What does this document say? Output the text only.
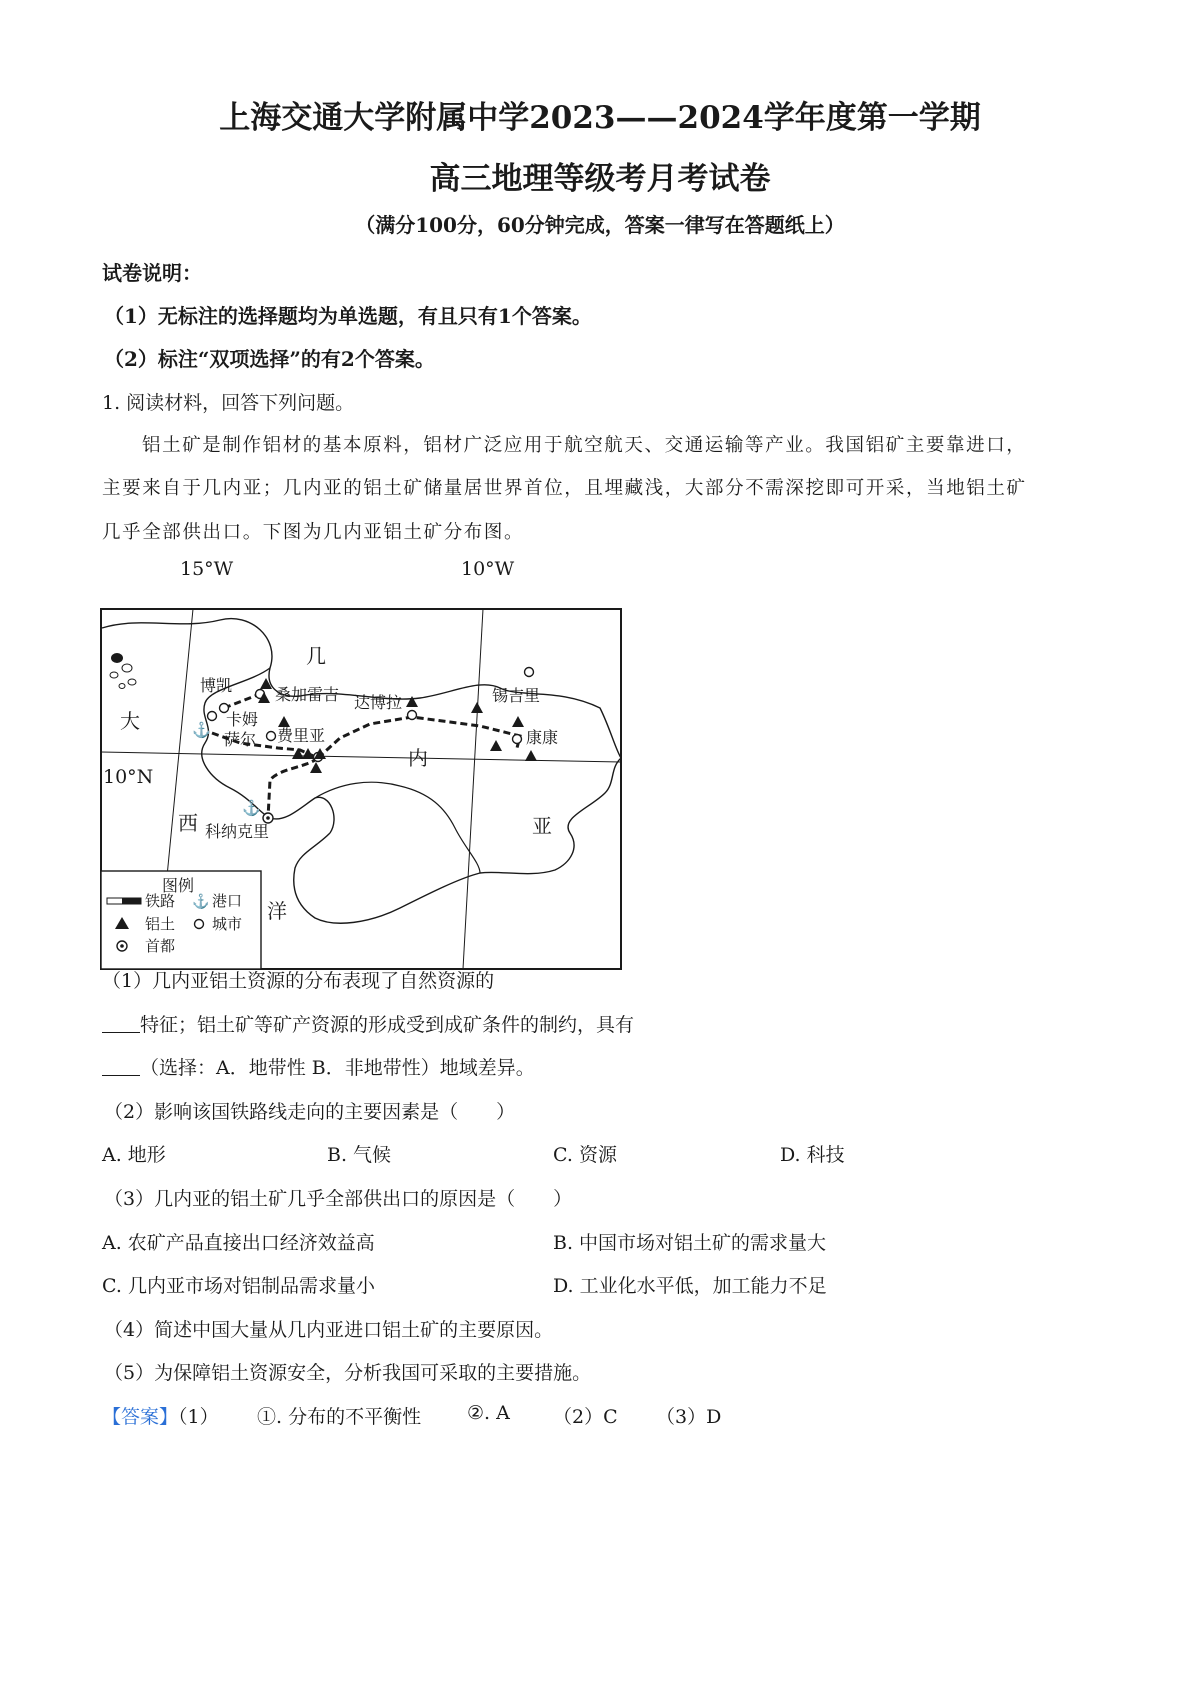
上海交通大学附属中学2023——2024学年度第一学期
高三地理等级考月考试卷
（满分100分，60分钟完成，答案一律写在答题纸上）
试卷说明：
（1）无标注的选择题均为单选题，有且只有1个答案。
（2）标注“双项选择”的有2个答案。
1. 阅读材料，回答下列问题。
铝土矿是制作铝材的基本原料，铝材广泛应用于航空航天、交通运输等产业。我国铝矿主要靠进口，
主要来自于几内亚；几内亚的铝土矿储量居世界首位，且埋藏浅，大部分不需深挖即可开采，当地铝土矿
几乎全部供出口。下图为几内亚铝土矿分布图。
15°W	10°W
⚓
⚓
几
内
亚
大
西
洋
博凯	桑加雷吉
卡姆
萨尔 费里亚
达博拉	锡吉里
康康
科纳克里
图例
铁路 ⚓ 港口
铝土 城市
首都
10°N
（1）几内亚铝土资源的分布表现了自然资源的
特征；铝土矿等矿产资源的形成受到成矿条件的制约，具有
（选择：A．地带性 B．非地带性）地域差异。
（2）影响该国铁路线走向的主要因素是（　　）
A. 地形	B. 气候	C. 资源	D. 科技
（3）几内亚的铝土矿几乎全部供出口的原因是（　　）
A. 农矿产品直接出口经济效益高	B. 中国市场对铝土矿的需求量大
C. 几内亚市场对铝制品需求量小	D. 工业化水平低，加工能力不足
（4）简述中国大量从几内亚进口铝土矿的主要原因。
（5）为保障铝土资源安全，分析我国可采取的主要措施。
【答案】（1） ①. 分布的不平衡性 ②. A （2）C （3）D
